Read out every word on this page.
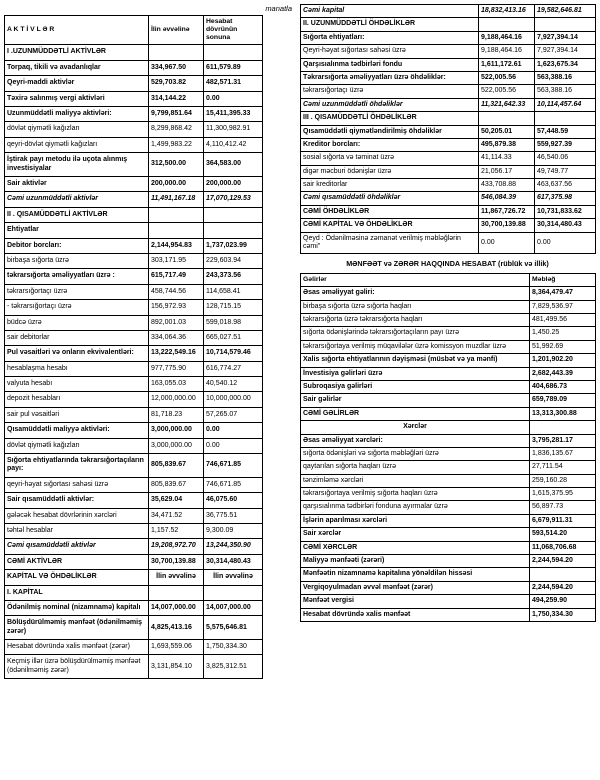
manatla
A K T İ V L Ə R	İlin əvvəlinə	Hesabat dövrünün sonuna
I .UZUNMÜDDƏTLİ AKTİVLƏR		
Torpaq, tikili və avadanlıqlar	334,967.50	611,579.89
Qeyri-maddi aktivlər	529,703.82	482,571.31
Təxirə salınmış vergi aktivləri	314,144.22	0.00
Uzunmüddətli maliyyə aktivləri:	9,799,851.64	15,411,395.33
dövlət qiymətli kağızları	8,299,868.42	11,300,982.91
qeyri-dövlət qiymətli kağızları	1,499,983.22	4,110,412.42
İştirak payı metodu ilə uçota alınmış investisiyalar	312,500.00	364,583.00
Sair aktivlər	200,000.00	200,000.00
Cəmi uzunmüddətli aktivlər	11,491,167.18	17,070,129.53
II . QISAMÜDDƏTLİ AKTİVLƏR		
Ehtiyatlar		
Debitor borcları:	2,144,954.83	1,737,023.99
birbaşa sığorta üzrə	303,171.95	229,603.94
təkrarsığorta əməliyyatları üzrə :	615,717.49	243,373.56
təkrarsığortaçı üzrə	458,744.56	114,658.41
- təkrarsığortaçı üzrə	156,972.93	128,715.15
büdcə üzrə	892,001.03	599,018.98
sair debitorlar	334,064.36	665,027.51
Pul vəsaitləri və onların ekvivalentləri:	13,222,549.16	10,714,579.46
hesablaşma hesabı	977,775.90	616,774.27
valyuta hesabı	163,055.03	40,540.12
depozit hesabları	12,000,000.00	10,000,000.00
sair pul vəsaitləri	81,718.23	57,265.07
Qısamüddətli maliyyə aktivləri:	3,000,000.00	0.00
dövlət qiymətli kağızları	3,000,000.00	0.00
Sığorta ehtiyatlarında təkrarsığortaçıların payı:	805,839.67	746,671.85
qeyri-həyat sığortası sahəsi üzrə	805,839.67	746,671.85
Sair qısamüddətli aktivlər:	35,629.04	46,075.60
gələcək hesabat dövrlərinin xərcləri	34,471.52	36,775.51
təhtəl hesablar	1,157.52	9,300.09
Cəmi qısamüddətli aktivlər	19,208,972.70	13,244,350.90
CƏMİ AKTİVLƏR	30,700,139.88	30,314,480.43
KAPİTAL VƏ ÖHDƏLİKLƏR	İlin əvvəlinə	İlin əvvəlinə
I. KAPİTAL		
Ödənilmiş nominal (nizamnamə) kapitalı	14,007,000.00	14,007,000.00
Bölüşdürülməmiş mənfəət (ödənilməmiş zərər)	4,825,413.16	5,575,646.81
Hesabat dövründə xalis mənfəət (zərər)	1,693,559.06	1,750,334.30
Keçmiş illər üzrə bölüşdürülməmiş mənfəət (ödənilməmiş zərər)	3,131,854.10	3,825,312.51
Cəmi kapital	18,832,413.16	19,582,646.81
II. UZUNMÜDDƏTLİ ÖHDƏLİKLƏR		
Sığorta ehtiyatları:	9,188,464.16	7,927,394.14
Qeyri-həyat sığortası sahəsi üzrə	9,188,464.16	7,927,394.14
Qarşısıalınma tədbirləri fondu	1,611,172.61	1,623,675.34
Təkrarsığorta əməliyyatları üzrə öhdəliklər:	522,005.56	563,388.16
təkrarsığortaçı üzrə	522,005.56	563,388.16
Cəmi uzunmüddətli öhdəliklər	11,321,642.33	10,114,457.64
III . QISAMÜDDƏTLİ ÖHDƏLİKLƏR		
Qısamüddətli qiymətləndirilmiş öhdəliklər	50,205.01	57,448.59
Kreditor borcları:	495,879.38	559,927.39
sosial sığorta və təminat üzrə	41,114.33	46,540.06
digər məcburi ödənişlər üzrə	21,056.17	49,749.77
sair kreditorlar	433,708.88	463,637.56
Cəmi qısamüddətli öhdəliklər	546,084.39	617,375.98
CƏMİ ÖHDƏLİKLƏR	11,867,726.72	10,731,833.62
CƏMİ KAPİTAL VƏ ÖHDƏLİKLƏR	30,700,139.88	30,314,480.43
Qeyd : Ödənilməsinə zəmanət verilmiş məbləğlərin cəmi"	0.00	0.00
MƏNFƏƏT və ZƏRƏR HAQQINDA HESABAT (rüblük və illik)
Gəlirlər	Məbləğ
Əsas əməliyyat gəliri:	8,364,479.47
birbaşa sığorta üzrə sığorta haqları	7,829,536.97
təkrarsığorta üzrə təkrarsığorta haqları	481,499.56
sığorta ödənişlərində təkrarsığortaçıların payı üzrə	1,450.25
təkrarsığortaya verilmiş müqavilələr üzrə komissyon muzdlar üzrə	51,992.69
Xalis sığorta ehtiyatlarının dəyişməsi (müsbət və ya mənfi)	1,201,902.20
İnvestisiya gəlirləri üzrə	2,682,443.39
Subroqasiya gəlirləri	404,686.73
Sair gəlirlər	659,789.09
CƏMİ GƏLİRLƏR	13,313,300.88
Xərclər	
Əsas əməliyyat xərcləri:	3,795,281.17
sığorta ödənişləri və sığorta məbləğləri üzrə	1,836,135.67
qaytarılan sığorta haqları üzrə	27,711.54
tənzimləmə xərcləri	259,160.28
təkrarsığortaya verilmiş sığorta haqları üzrə	1,615,375.95
qarşısıalınma tədbirləri fonduna ayırmalar üzrə	56,897.73
İşlərin aparılması xərcləri	6,679,911.31
Sair xərclər	593,514.20
CƏMİ XƏRCLƏR	11,068,706.68
Maliyyə mənfəəti (zərəri)	2,244,594.20
Mənfəətin nizamnamə kapitalına yönəldilən hissəsi	
Vergiqoyulmadan əvvəl mənfəət (zərər)	2,244,594.20
Mənfəət vergisi	494,259.90
Hesabat dövründə xalis mənfəət	1,750,334.30
